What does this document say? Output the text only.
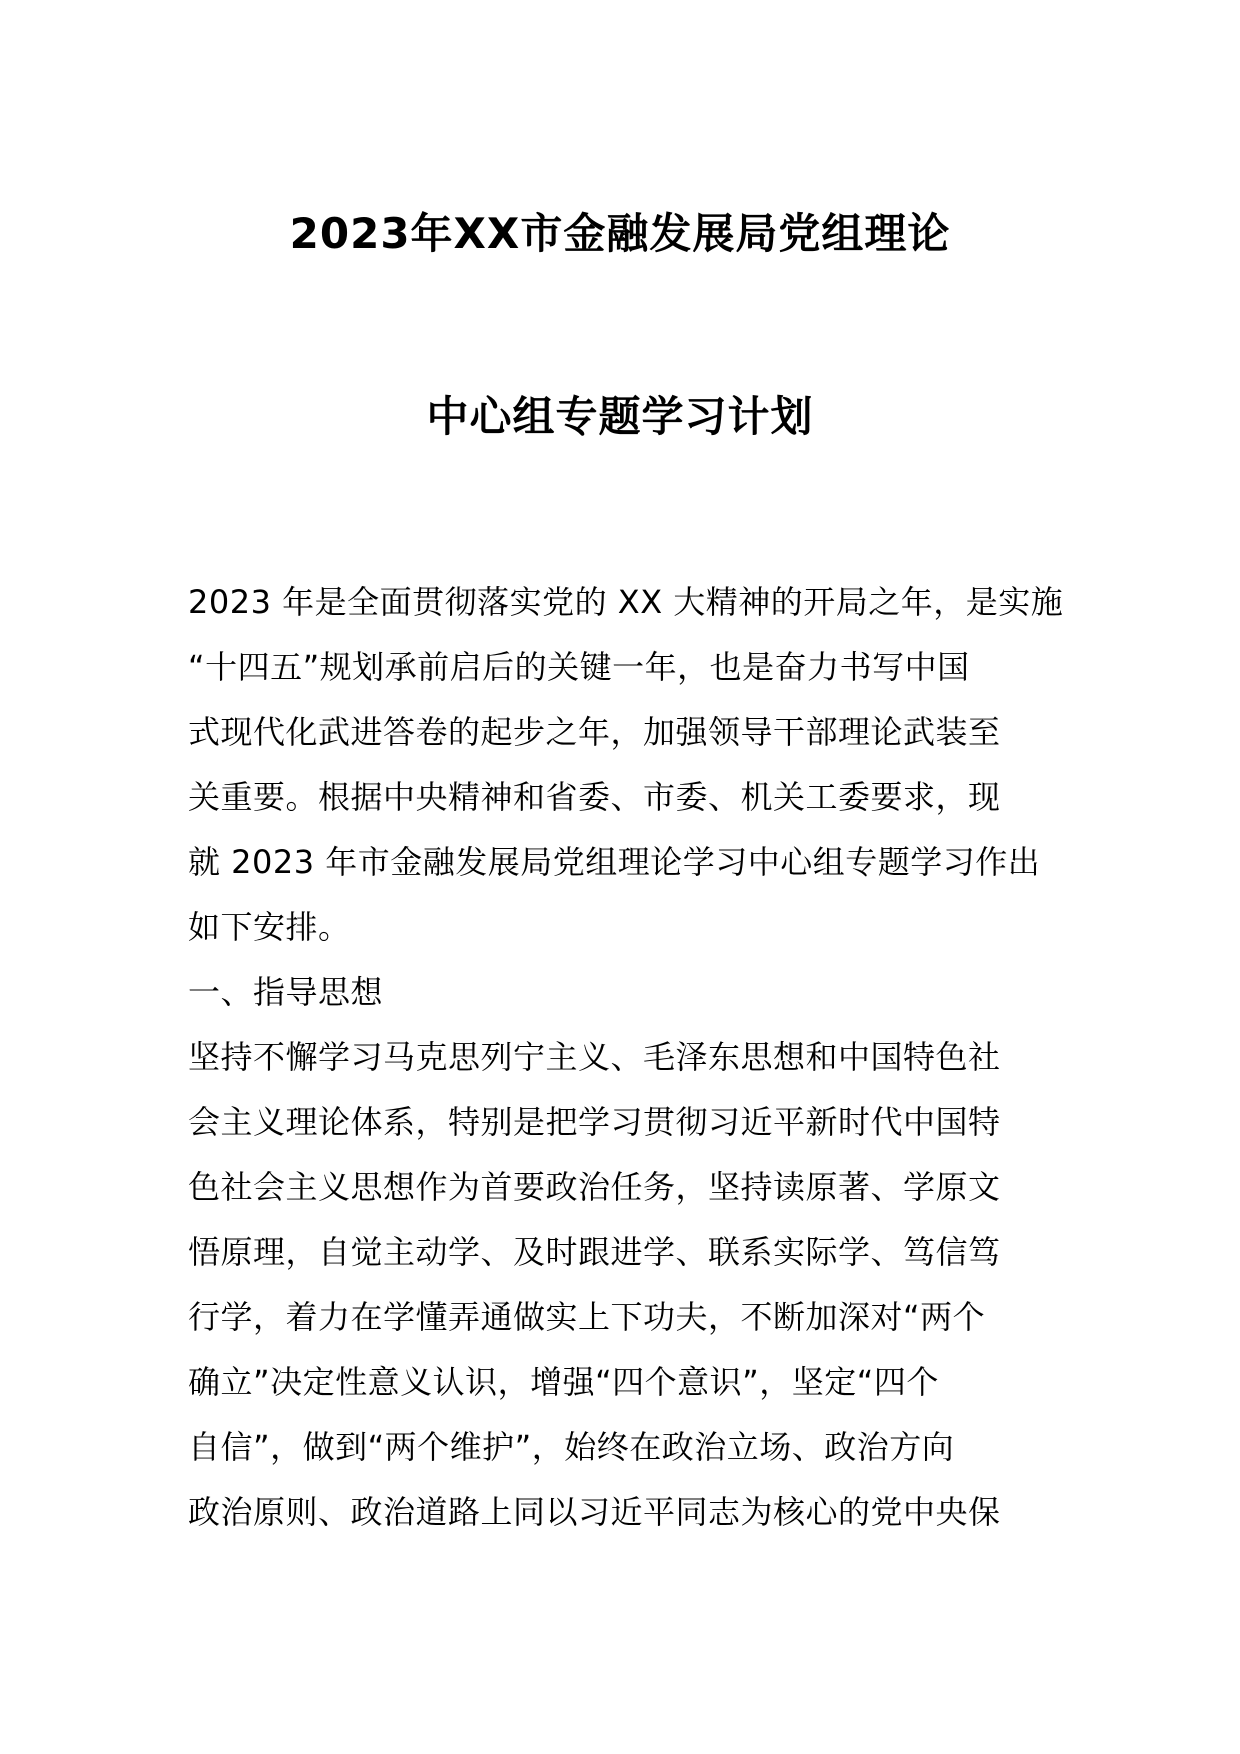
2023年XX市金融发展局党组理论
中心组专题学习计划

2023 年是全面贯彻落实党的 XX 大精神的开局之年，是实施
“十四五”规划承前启后的关键一年，也是奋力书写中国
式现代化武进答卷的起步之年，加强领导干部理论武装至
关重要。根据中央精神和省委、市委、机关工委要求，现
就 2023 年市金融发展局党组理论学习中心组专题学习作出
如下安排。

一、指导思想

坚持不懈学习马克思列宁主义、毛泽东思想和中国特色社
会主义理论体系，特别是把学习贯彻习近平新时代中国特
色社会主义思想作为首要政治任务，坚持读原著、学原文
悟原理，自觉主动学、及时跟进学、联系实际学、笃信笃
行学，着力在学懂弄通做实上下功夫，不断加深对“两个
确立”决定性意义认识，增强“四个意识”，坚定“四个
自信”，做到“两个维护”，始终在政治立场、政治方向
政治原则、政治道路上同以习近平同志为核心的党中央保
